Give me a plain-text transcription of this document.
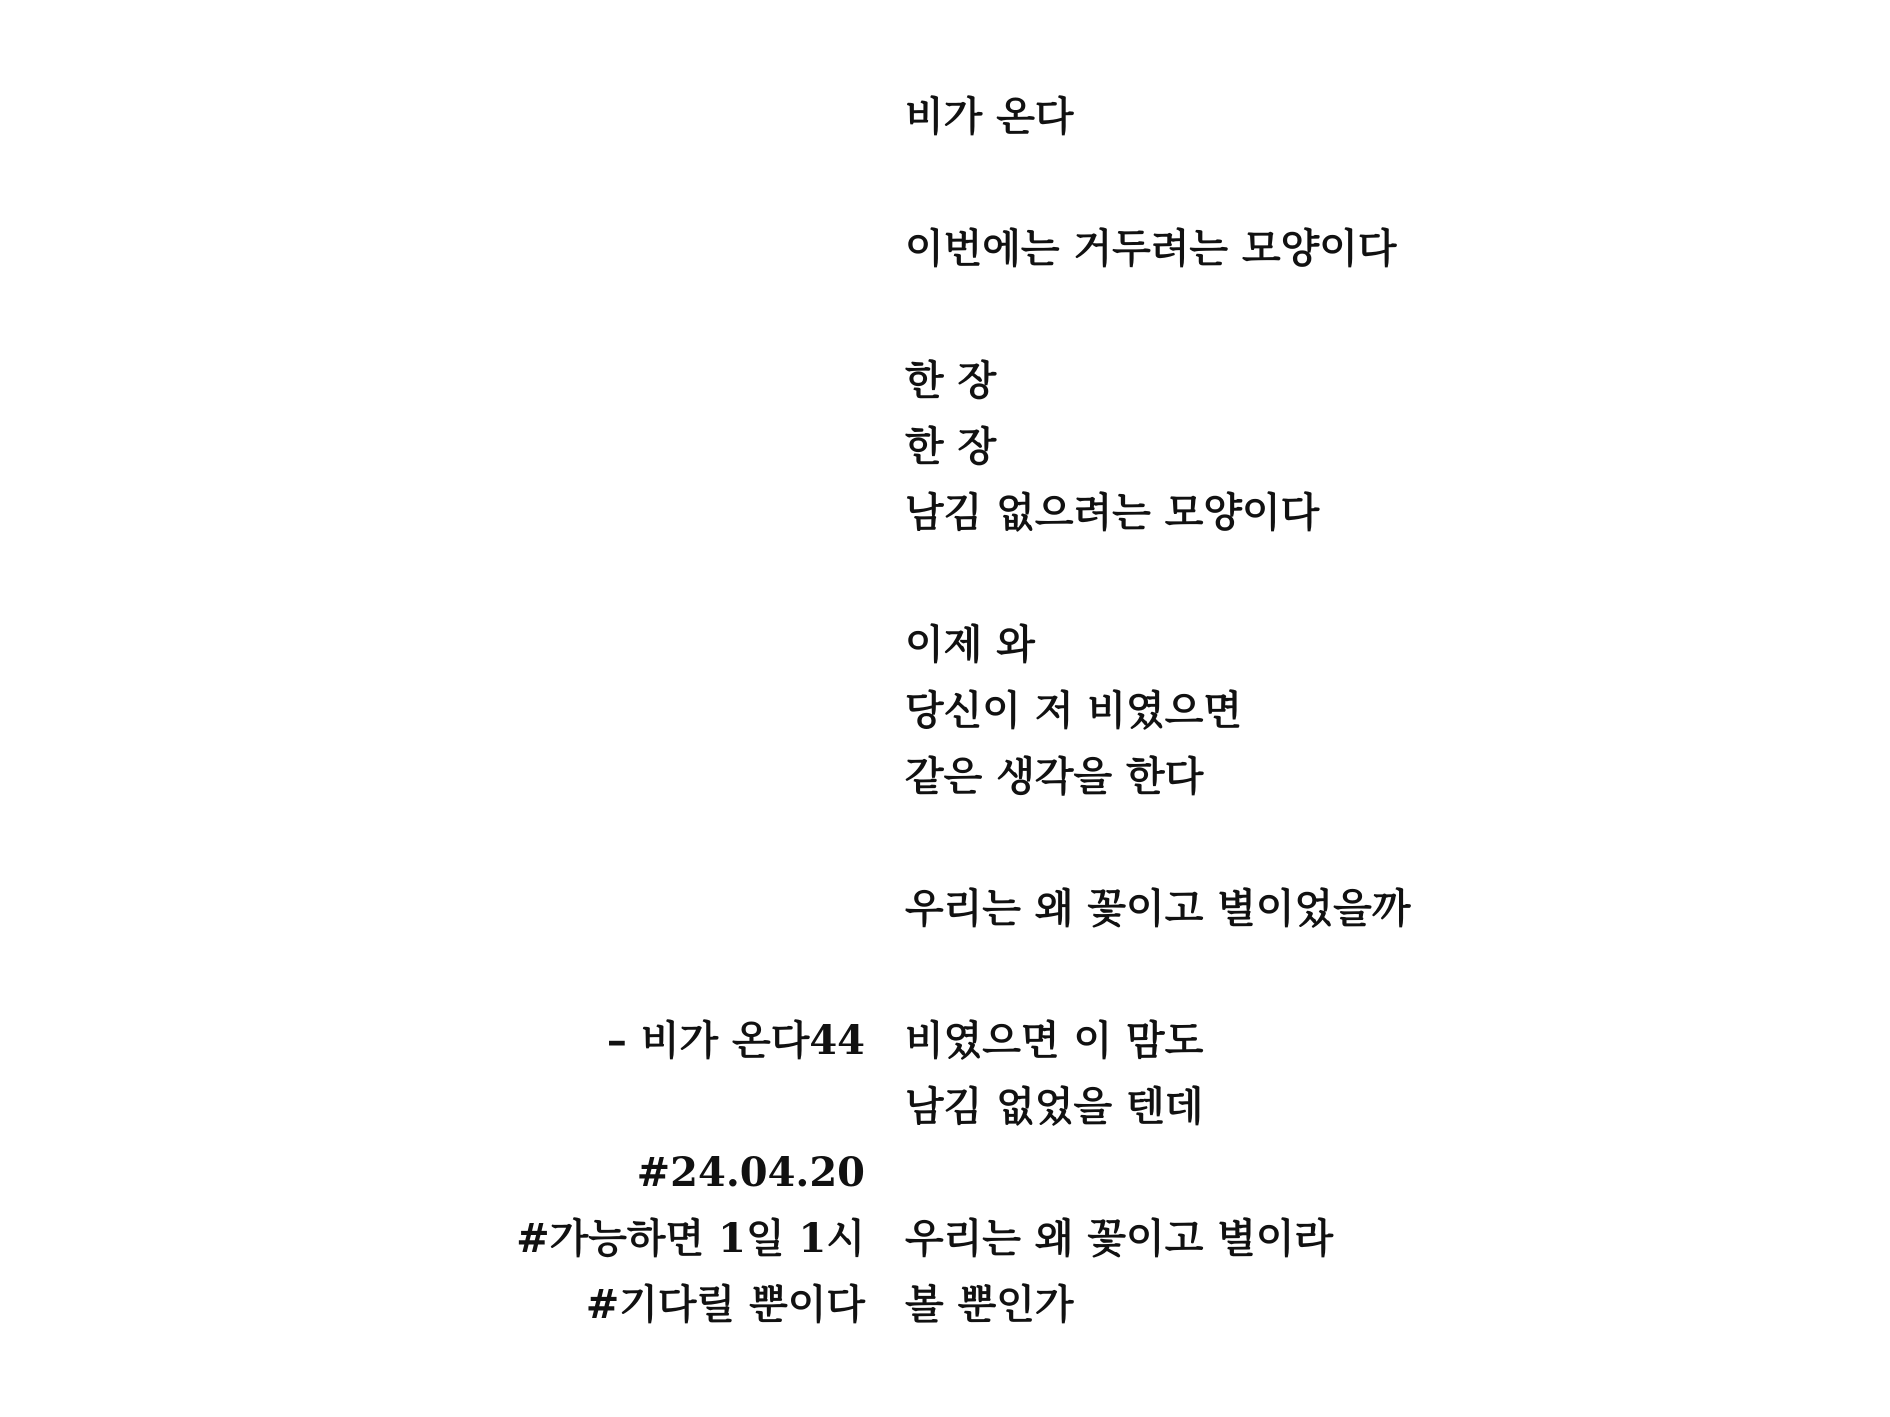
비가 온다
이번에는 거두려는 모양이다
한 장
한 장
남김 없으려는 모양이다
이제 와
당신이 저 비였으면
같은 생각을 한다
우리는 왜 꽃이고 별이었을까
비였으면 이 맘도
남김 없었을 텐데
우리는 왜 꽃이고 별이라
볼 뿐인가
– 비가 온다44
#24.04.20
#가능하면 1일 1시
#기다릴 뿐이다
